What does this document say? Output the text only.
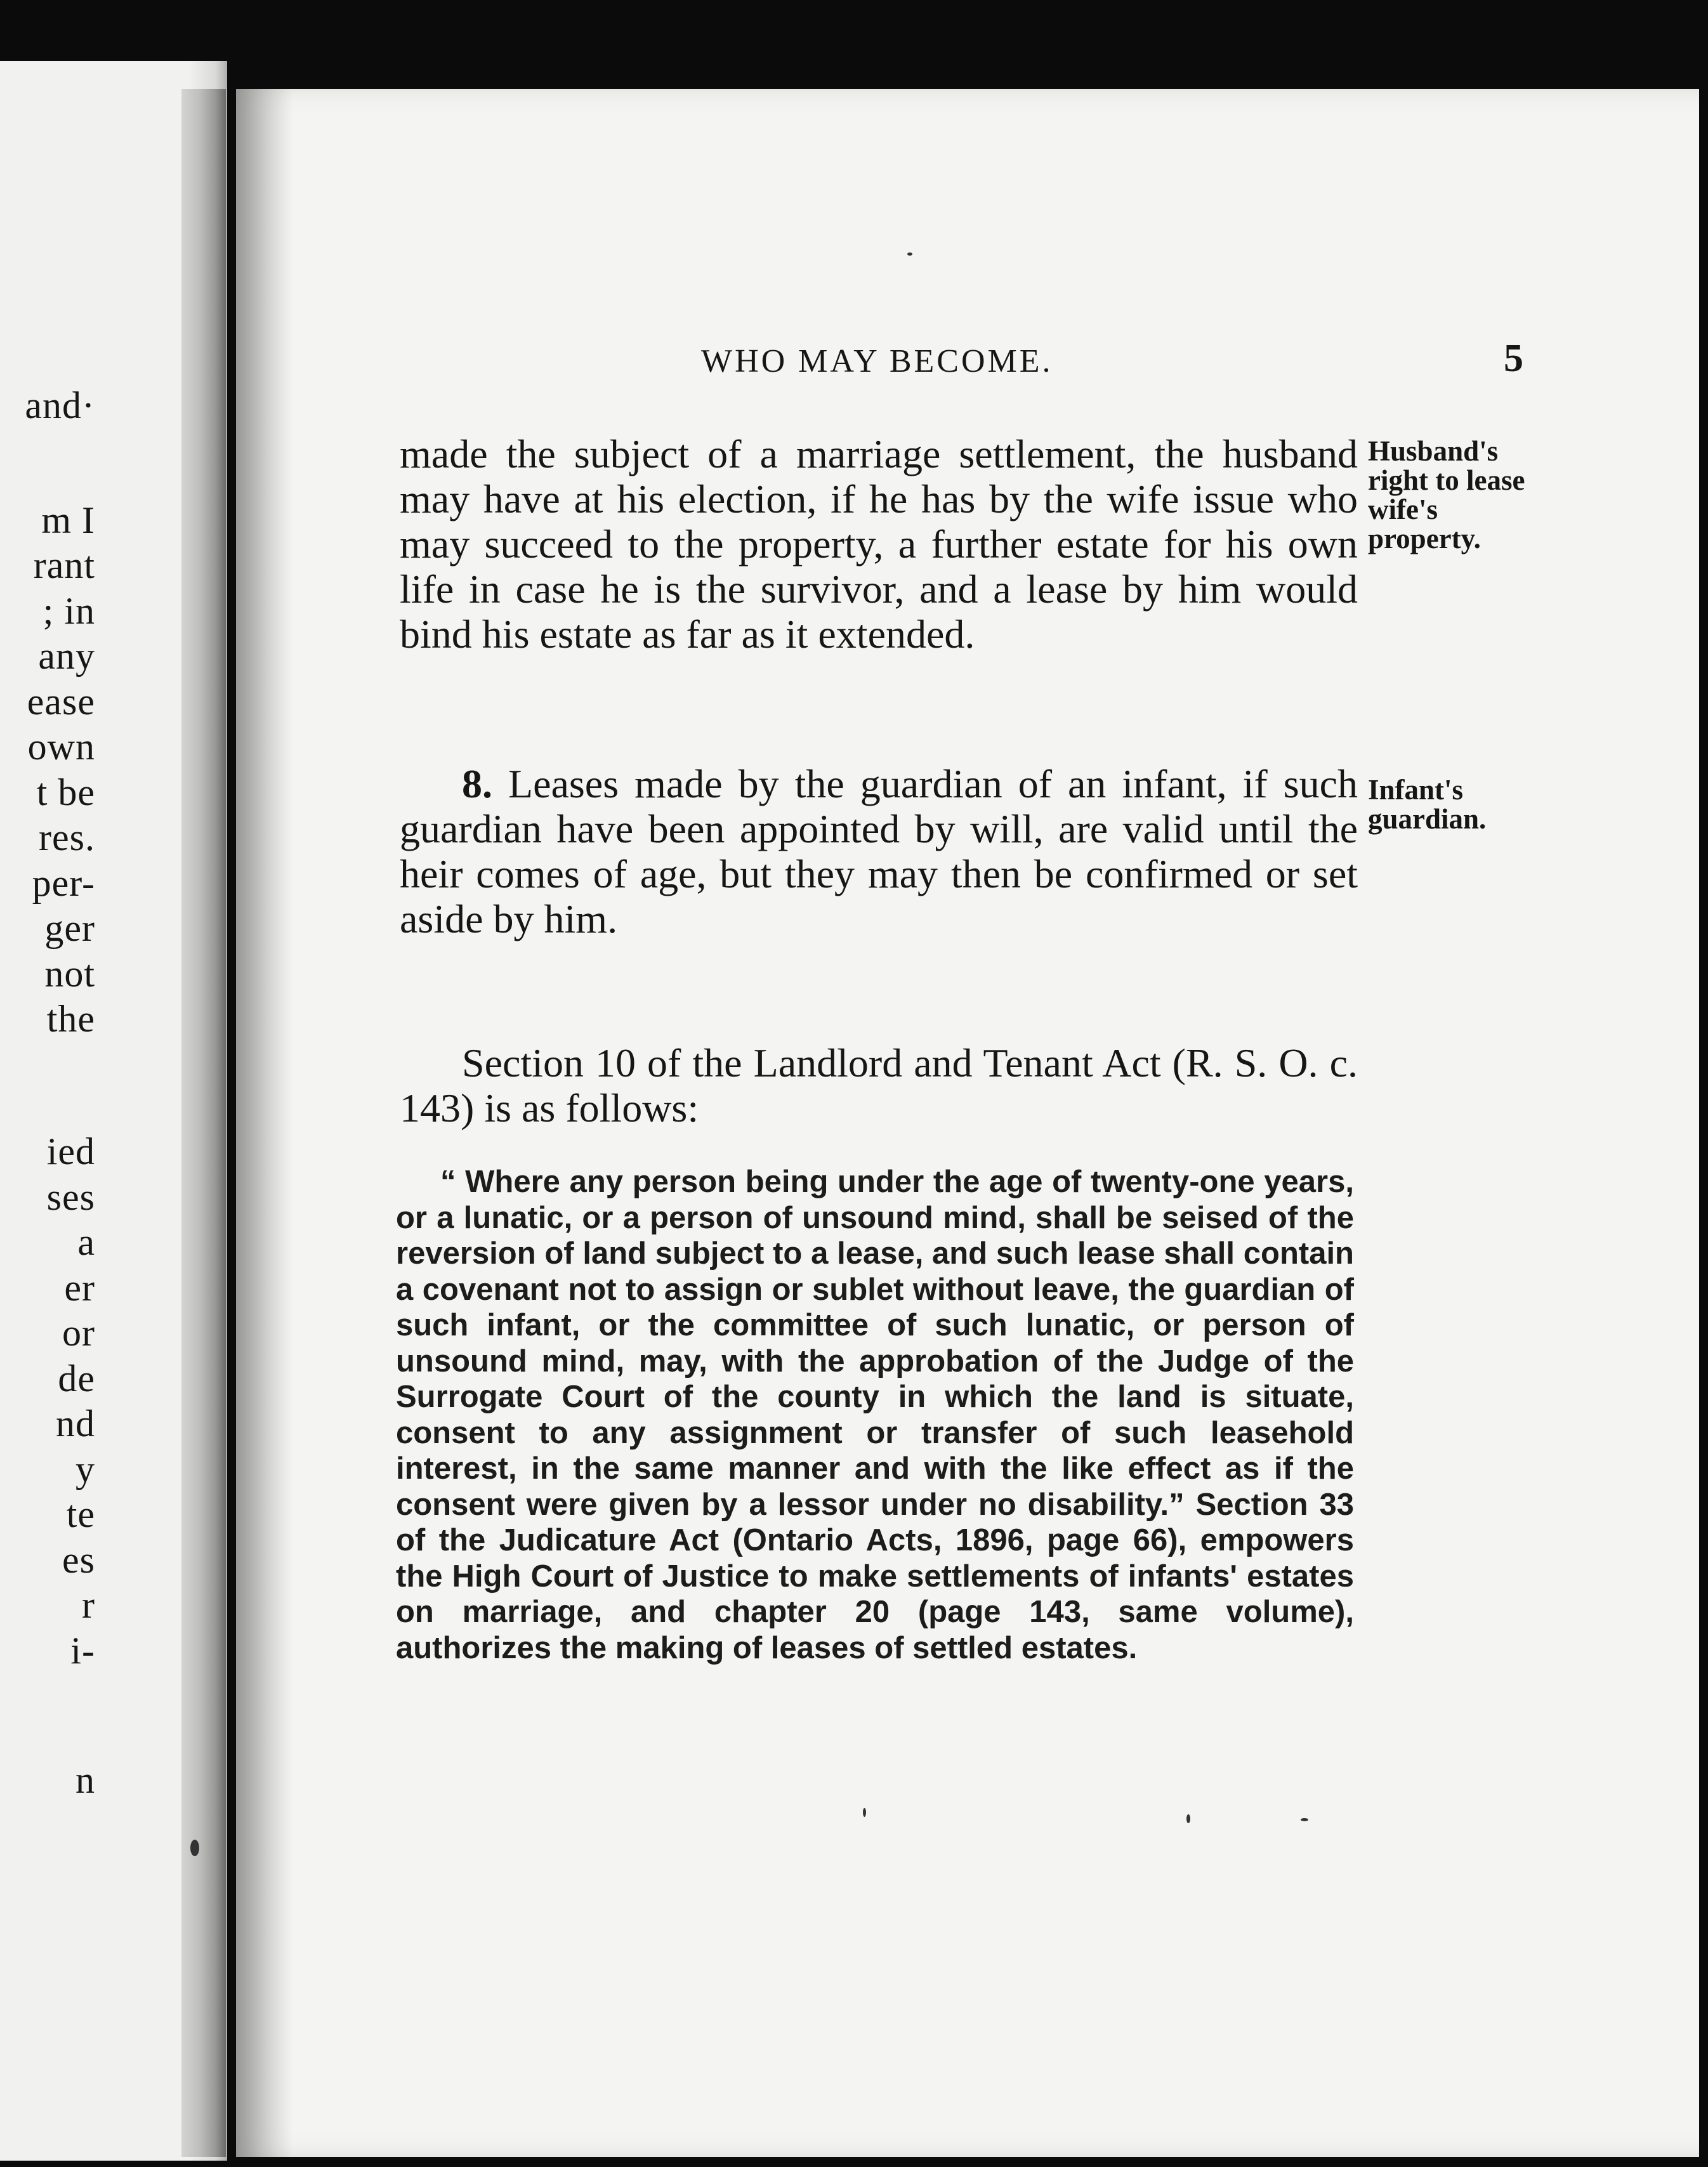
and·
m I
rant
; in
any
ease
own
t be
res.
per-
ger
not
the
ied
ses
a
er
or
de
nd
y
te
es
r
i-
n
WHO MAY BECOME.	5
made the subject of a marriage settlement, the husband may have at his election, if he has by the wife issue who may succeed to the property, a further estate for his own life in case he is the survivor, and a lease by him would bind his estate as far as it extended.
Husband's right to lease wife's property.
8. Leases made by the guardian of an infant, if such guardian have been appointed by will, are valid until the heir comes of age, but they may then be confirmed or set aside by him.
Infant's guardian.
Section 10 of the Landlord and Tenant Act (R. S. O. c. 143) is as follows:
“ Where any person being under the age of twenty-one years, or a lunatic, or a person of unsound mind, shall be seised of the reversion of land subject to a lease, and such lease shall contain a covenant not to assign or sublet without leave, the guardian of such infant, or the committee of such lunatic, or person of unsound mind, may, with the approbation of the Judge of the Surrogate Court of the county in which the land is situate, consent to any assignment or transfer of such leasehold interest, in the same manner and with the like effect as if the consent were given by a lessor under no disability.” Section 33 of the Judicature Act (Ontario Acts, 1896, page 66), empowers the High Court of Justice to make settlements of infants' estates on marriage, and chapter 20 (page 143, same volume), authorizes the making of leases of settled estates.
